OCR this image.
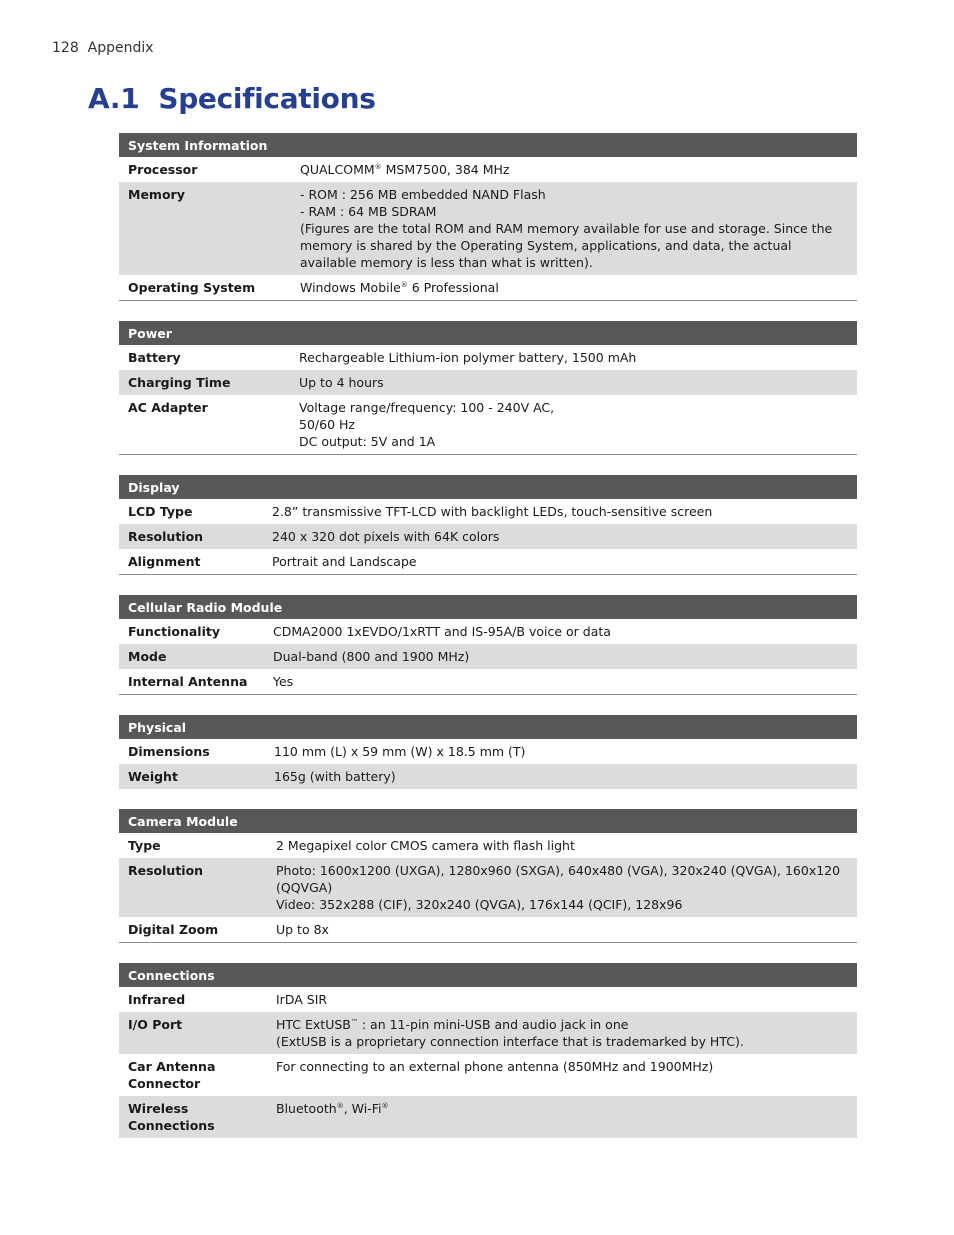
128 Appendix
A.1 Specifications
System Information	
Processor	QUALCOMM® MSM7500, 384 MHz
Memory	- ROM : 256 MB embedded NAND Flash
- RAM : 64 MB SDRAM
(Figures are the total ROM and RAM memory available for use and storage. Since the memory is shared by the Operating System, applications, and data, the actual available memory is less than what is written).
Operating System	Windows Mobile® 6 Professional
Power	
Battery	Rechargeable Lithium-ion polymer battery, 1500 mAh
Charging Time	Up to 4 hours
AC Adapter	Voltage range/frequency: 100 - 240V AC,
50/60 Hz
DC output: 5V and 1A
Display	
LCD Type	2.8” transmissive TFT-LCD with backlight LEDs, touch-sensitive screen
Resolution	240 x 320 dot pixels with 64K colors
Alignment	Portrait and Landscape
Cellular Radio Module	
Functionality	CDMA2000 1xEVDO/1xRTT and IS-95A/B voice or data
Mode	Dual-band (800 and 1900 MHz)
Internal Antenna	Yes
Physical	
Dimensions	110 mm (L) x 59 mm (W) x 18.5 mm (T)
Weight	165g (with battery)
Camera Module	
Type	2 Megapixel color CMOS camera with flash light
Resolution	Photo: 1600x1200 (UXGA), 1280x960 (SXGA), 640x480 (VGA), 320x240 (QVGA), 160x120 (QQVGA)
Video: 352x288 (CIF), 320x240 (QVGA), 176x144 (QCIF), 128x96
Digital Zoom	Up to 8x
Connections	
Infrared	IrDA SIR
I/O Port	HTC ExtUSB™ : an 11-pin mini-USB and audio jack in one
(ExtUSB is a proprietary connection interface that is trademarked by HTC).
Car Antenna Connector	For connecting to an external phone antenna (850MHz and 1900MHz)
Wireless Connections	Bluetooth®, Wi-Fi®
